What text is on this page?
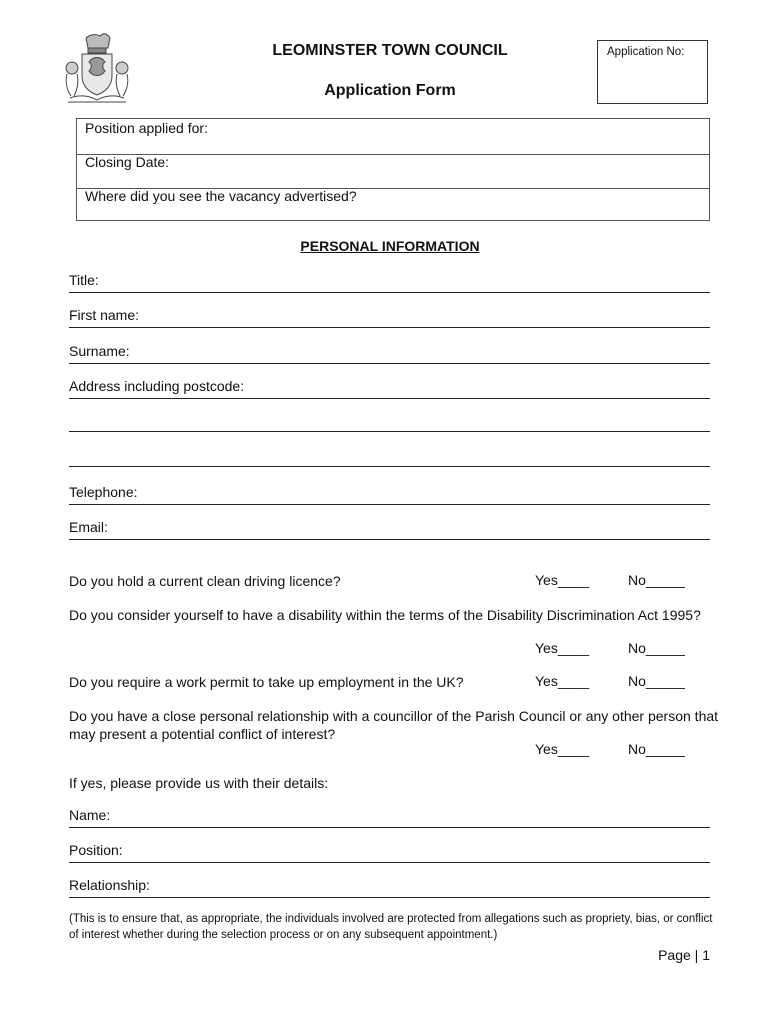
LEOMINSTER TOWN COUNCIL
Application Form
Application No:
Position applied for:
Closing Date:
Where did you see the vacancy advertised?
PERSONAL INFORMATION
Title:
First name:
Surname:
Address including postcode:
Telephone:
Email:
Do you hold a current clean driving licence?	Yes____	No_____
Do you consider yourself to have a disability within the terms of the Disability Discrimination Act 1995?
Yes____	No_____
Do you require a work permit to take up employment in the UK?	Yes____	No_____
Do you have a close personal relationship with a councillor of the Parish Council or any other person that may present a potential conflict of interest?
Yes____	No_____
If yes, please provide us with their details:
Name:
Position:
Relationship:
(This is to ensure that, as appropriate, the individuals involved are protected from allegations such as propriety, bias, or conflict of interest whether during the selection process or on any subsequent appointment.)
Page | 1
